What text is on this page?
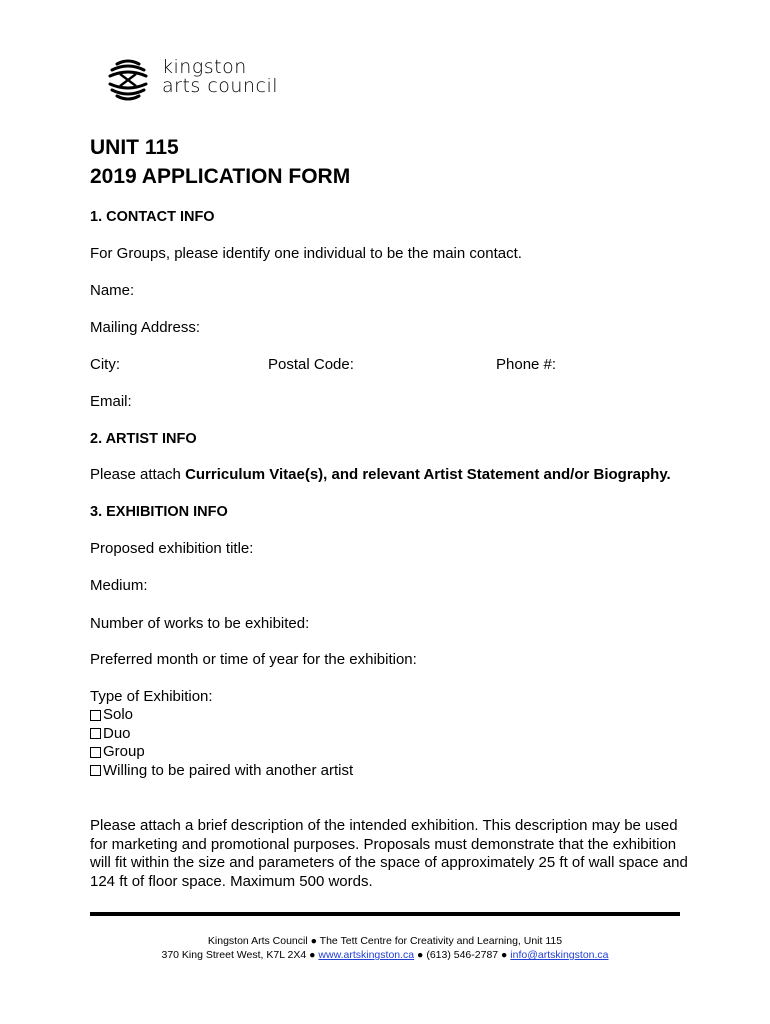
kingston
arts council
UNIT 115
2019 APPLICATION FORM
1. CONTACT INFO
For Groups, please identify one individual to be the main contact.
Name:
Mailing Address:
City:	Postal Code:	Phone #:
Email:
2. ARTIST INFO
Please attach Curriculum Vitae(s), and relevant Artist Statement and/or Biography.
3. EXHIBITION INFO
Proposed exhibition title:
Medium:
Number of works to be exhibited:
Preferred month or time of year for the exhibition:
Type of Exhibition:
Solo
Duo
Group
Willing to be paired with another artist
Please attach a brief description of the intended exhibition. This description may be used for marketing and promotional purposes. Proposals must demonstrate that the exhibition will fit within the size and parameters of the space of approximately 25 ft of wall space and 124 ft of floor space. Maximum 500 words.
Kingston Arts Council ● The Tett Centre for Creativity and Learning, Unit 115
370 King Street West, K7L 2X4 ● www.artskingston.ca ● (613) 546-2787 ● info@artskingston.ca
